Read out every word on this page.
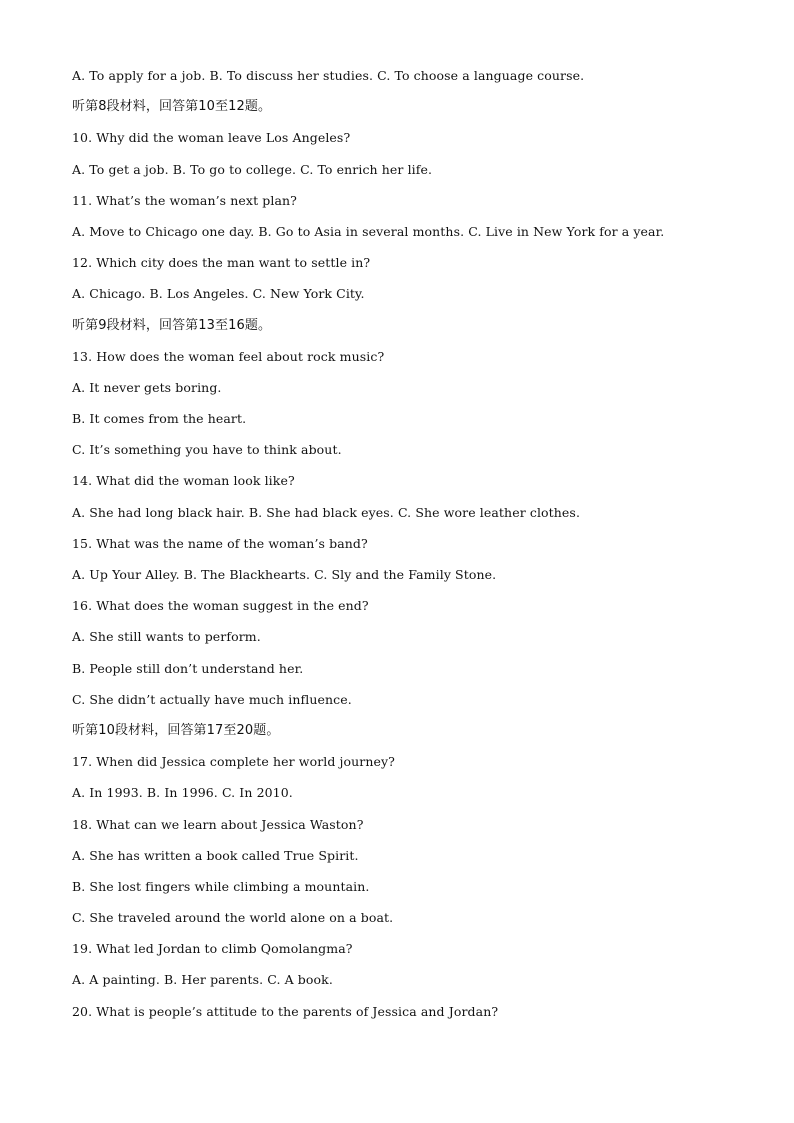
A. To apply for a job. B. To discuss her studies. C. To choose a language course.
听第8段材料，回答第10至12题。
10. Why did the woman leave Los Angeles?
A. To get a job. B. To go to college. C. To enrich her life.
11. What’s the woman’s next plan?
A. Move to Chicago one day. B. Go to Asia in several months. C. Live in New York for a year.
12. Which city does the man want to settle in?
A. Chicago. B. Los Angeles. C. New York City.
听第9段材料，回答第13至16题。
13. How does the woman feel about rock music?
A. It never gets boring.
B. It comes from the heart.
C. It’s something you have to think about.
14. What did the woman look like?
A. She had long black hair. B. She had black eyes. C. She wore leather clothes.
15. What was the name of the woman’s band?
A. Up Your Alley. B. The Blackhearts. C. Sly and the Family Stone.
16. What does the woman suggest in the end?
A. She still wants to perform.
B. People still don’t understand her.
C. She didn’t actually have much influence.
听第10段材料，回答第17至20题。
17. When did Jessica complete her world journey?
A. In 1993. B. In 1996. C. In 2010.
18. What can we learn about Jessica Waston?
A. She has written a book called True Spirit.
B. She lost fingers while climbing a mountain.
C. She traveled around the world alone on a boat.
19. What led Jordan to climb Qomolangma?
A. A painting. B. Her parents. C. A book.
20. What is people’s attitude to the parents of Jessica and Jordan?
